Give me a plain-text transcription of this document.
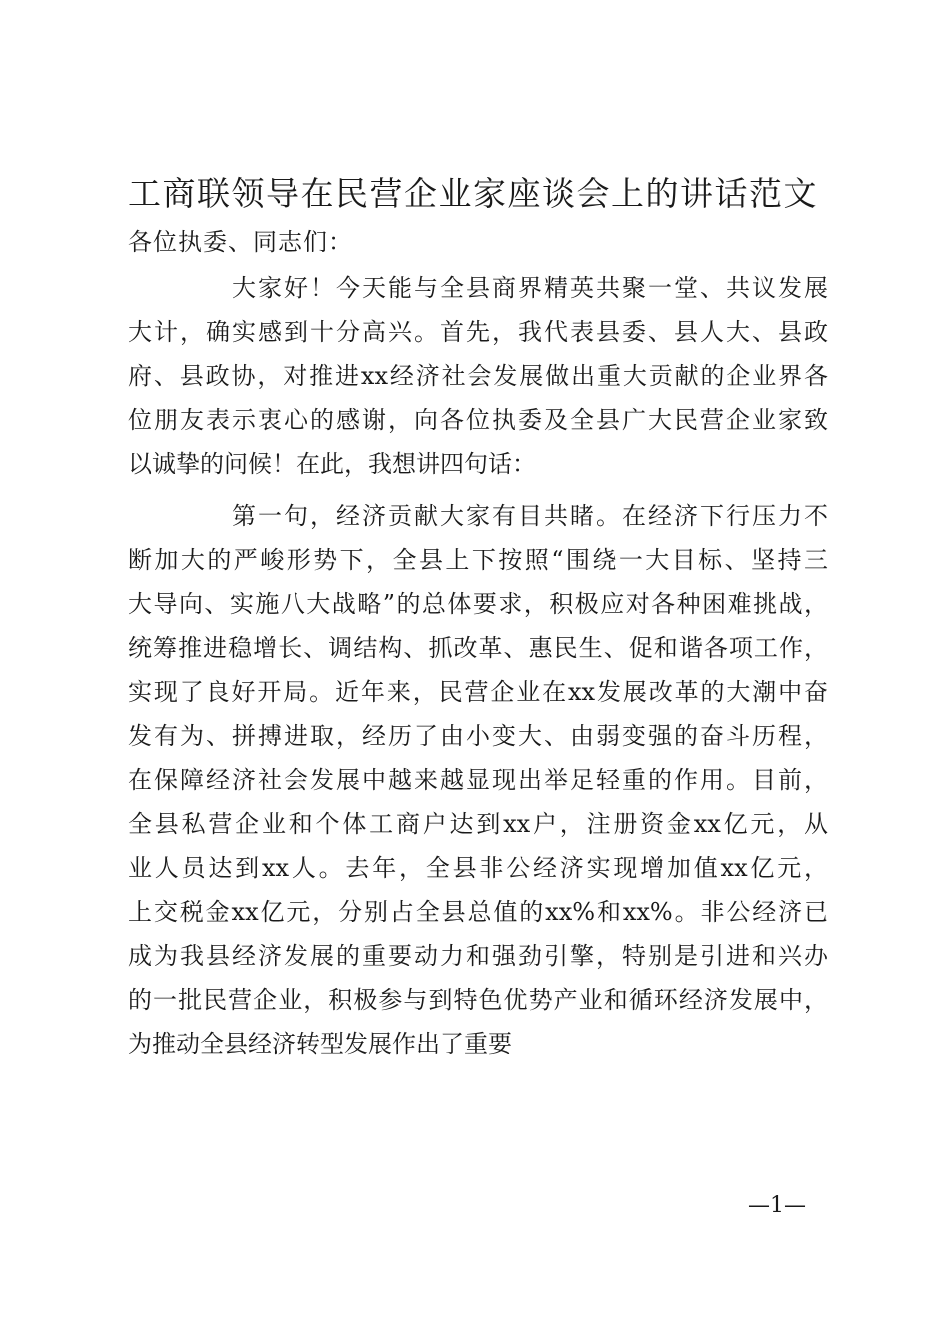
工商联领导在民营企业家座谈会上的讲话范文
各位执委、同志们：
大家好！今天能与全县商界精英共聚一堂、共议发展
大计，确实感到十分高兴。首先，我代表县委、县人大、县政
府、县政协，对推进xx经济社会发展做出重大贡献的企业界各
位朋友表示衷心的感谢，向各位执委及全县广大民营企业家致
以诚挚的问候！在此，我想讲四句话：
第一句，经济贡献大家有目共睹。在经济下行压力不
断加大的严峻形势下，全县上下按照“围绕一大目标、坚持三
大导向、实施八大战略”的总体要求，积极应对各种困难挑战，
统筹推进稳增长、调结构、抓改革、惠民生、促和谐各项工作，
实现了良好开局。近年来，民营企业在xx发展改革的大潮中奋
发有为、拼搏进取，经历了由小变大、由弱变强的奋斗历程，
在保障经济社会发展中越来越显现出举足轻重的作用。目前，
全县私营企业和个体工商户达到xx户，注册资金xx亿元，从
业人员达到xx人。去年，全县非公经济实现增加值xx亿元，
上交税金xx亿元，分别占全县总值的xx%和xx%。非公经济已
成为我县经济发展的重要动力和强劲引擎，特别是引进和兴办
的一批民营企业，积极参与到特色优势产业和循环经济发展中，
为推动全县经济转型发展作出了重要
—1—
